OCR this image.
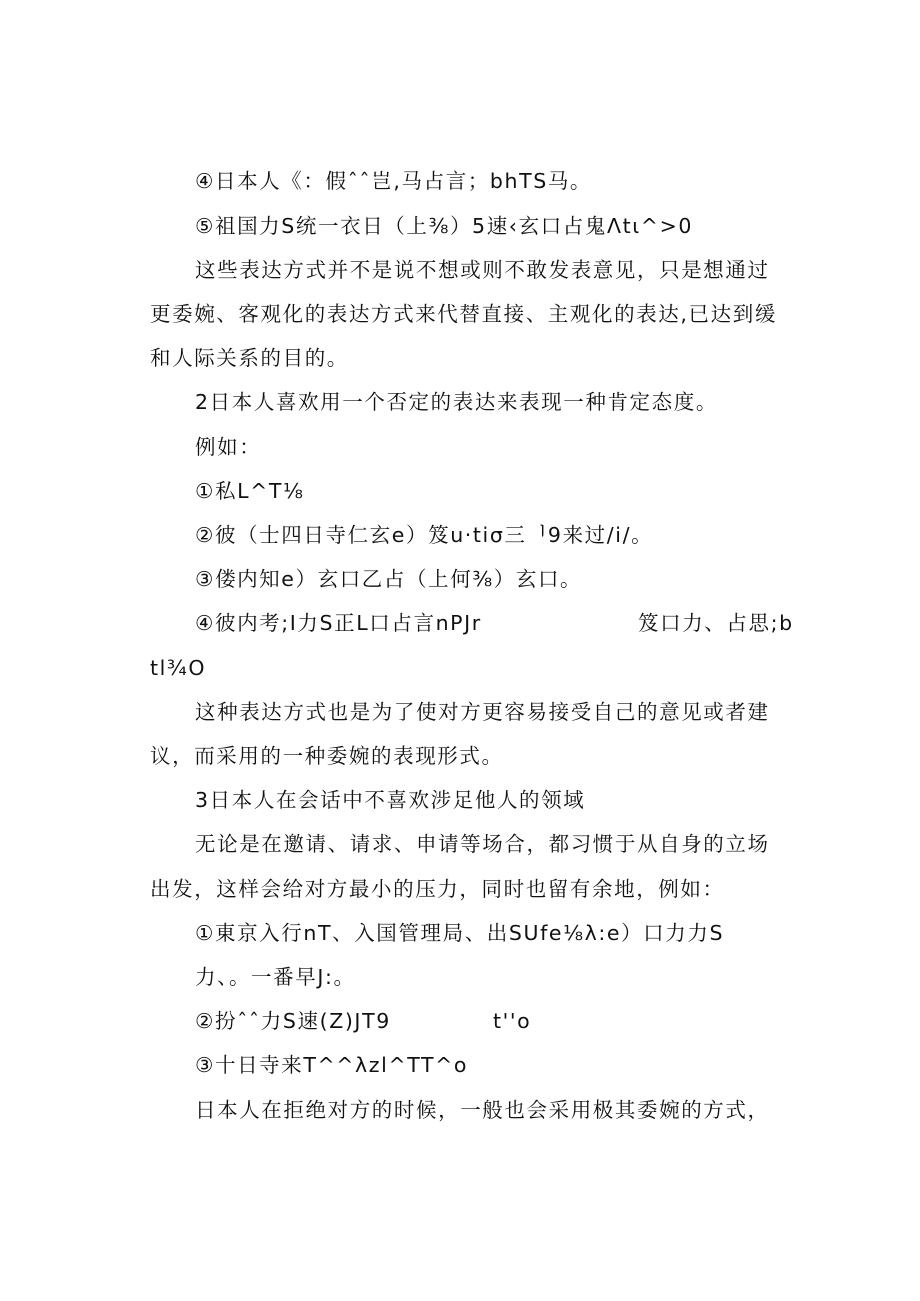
④日本人《：假ˆˆ岂,马占言；bhTS马。
⑤祖国力S统一衣日（上⅜）5速‹玄口占鬼Λtι^>0
这些表达方式并不是说不想或则不敢发表意见，只是想通过
更委婉、客观化的表达方式来代替直接、主观化的表达,已达到缓
和人际关系的目的。
2日本人喜欢用一个否定的表达来表现一种肯定态度。
例如：
①私L^T⅛
②彼（士四日寺仁玄e）笈u·tiσ三ᅵ9来过∕i∕。
③偻内知e）玄口乙占（上何⅜）玄口。
④彼内考;I力S正L口占言nPJr	笈口力、占思;b
tl¾O
这种表达方式也是为了使对方更容易接受自己的意见或者建
议，而采用的一种委婉的表现形式。
3日本人在会话中不喜欢涉足他人的领域
无论是在邀请、请求、申请等场合，都习惯于从自身的立场
出发，这样会给对方最小的压力，同时也留有余地，例如：
①東京入行nT、入国管理局、出SUfe⅛λ:e）口力力S
力、。一番早J:。
②扮ˆˆ力S速(Z)JT9	t''o
③十日寺来T^^λzl^TT^o
日本人在拒绝对方的时候，一般也会采用极其委婉的方式，
